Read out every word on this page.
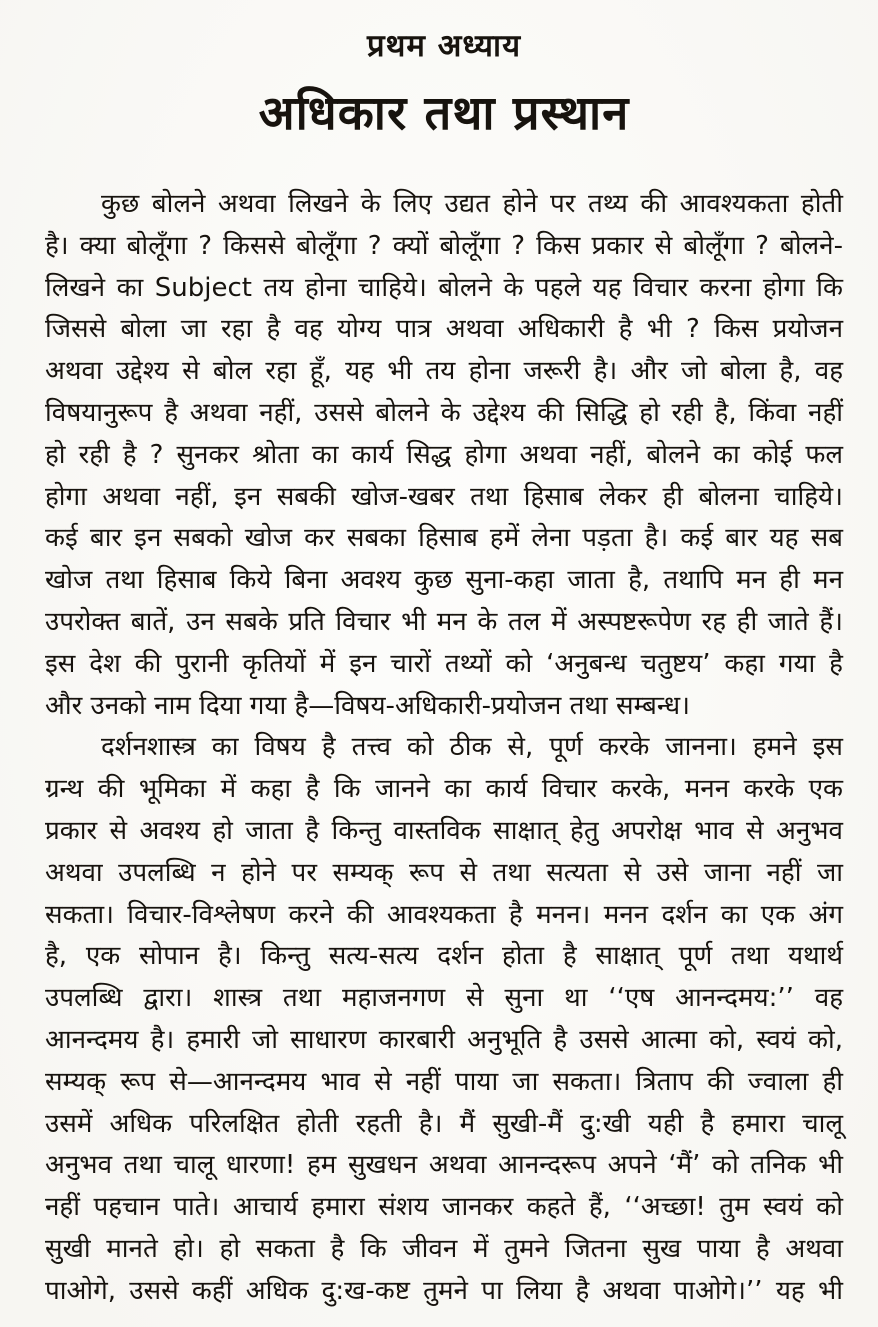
प्रथम अध्याय
अधिकार तथा प्रस्थान
कुछ बोलने अथवा लिखने के लिए उद्यत होने पर तथ्य की आवश्यकता होती
है। क्या बोलूँगा ? किससे बोलूँगा ? क्यों बोलूँगा ? किस प्रकार से बोलूँगा ? बोलने-
लिखने का Subject तय होना चाहिये। बोलने के पहले यह विचार करना होगा कि
जिससे बोला जा रहा है वह योग्य पात्र अथवा अधिकारी है भी ? किस प्रयोजन
अथवा उद्देश्य से बोल रहा हूँ, यह भी तय होना जरूरी है। और जो बोला है, वह
विषयानुरूप है अथवा नहीं, उससे बोलने के उद्देश्य की सिद्धि हो रही है, किंवा नहीं
हो रही है ? सुनकर श्रोता का कार्य सिद्ध होगा अथवा नहीं, बोलने का कोई फल
होगा अथवा नहीं, इन सबकी खोज-खबर तथा हिसाब लेकर ही बोलना चाहिये।
कई बार इन सबको खोज कर सबका हिसाब हमें लेना पड़ता है। कई बार यह सब
खोज तथा हिसाब किये बिना अवश्य कुछ सुना-कहा जाता है, तथापि मन ही मन
उपरोक्त बातें, उन सबके प्रति विचार भी मन के तल में अस्पष्टरूपेण रह ही जाते हैं।
इस देश की पुरानी कृतियों में इन चारों तथ्यों को ‘अनुबन्ध चतुष्टय’ कहा गया है
और उनको नाम दिया गया है—विषय-अधिकारी-प्रयोजन तथा सम्बन्ध।
दर्शनशास्त्र का विषय है तत्त्व को ठीक से, पूर्ण करके जानना। हमने इस
ग्रन्थ की भूमिका में कहा है कि जानने का कार्य विचार करके, मनन करके एक
प्रकार से अवश्य हो जाता है किन्तु वास्तविक साक्षात् हेतु अपरोक्ष भाव से अनुभव
अथवा उपलब्धि न होने पर सम्यक् रूप से तथा सत्यता से उसे जाना नहीं जा
सकता। विचार-विश्लेषण करने की आवश्यकता है मनन। मनन दर्शन का एक अंग
है, एक सोपान है। किन्तु सत्य-सत्य दर्शन होता है साक्षात् पूर्ण तथा यथार्थ
उपलब्धि द्वारा। शास्त्र तथा महाजनगण से सुना था ‘‘एष आनन्दमय:’’ वह
आनन्दमय है। हमारी जो साधारण कारबारी अनुभूति है उससे आत्मा को, स्वयं को,
सम्यक् रूप से—आनन्दमय भाव से नहीं पाया जा सकता। त्रिताप की ज्वाला ही
उसमें अधिक परिलक्षित होती रहती है। मैं सुखी-मैं दु:खी यही है हमारा चालू
अनुभव तथा चालू धारणा! हम सुखधन अथवा आनन्दरूप अपने ‘मैं’ को तनिक भी
नहीं पहचान पाते। आचार्य हमारा संशय जानकर कहते हैं, ‘‘अच्छा! तुम स्वयं को
सुखी मानते हो। हो सकता है कि जीवन में तुमने जितना सुख पाया है अथवा
पाओगे, उससे कहीं अधिक दु:ख-कष्ट तुमने पा लिया है अथवा पाओगे।’’ यह भी
